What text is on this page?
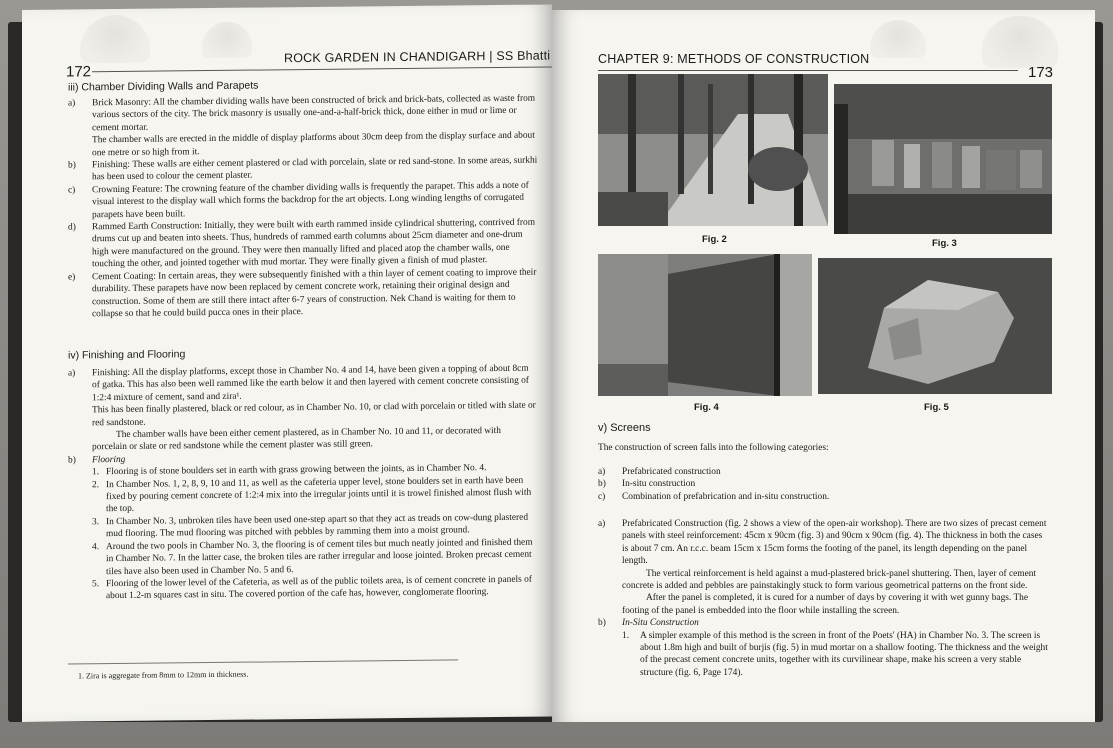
172
ROCK GARDEN IN CHANDIGARH | SS Bhatti
iii) Chamber Dividing Walls and Parapets
a)	Brick Masonry: All the chamber dividing walls have been constructed of brick and brick-bats, collected as waste from various sectors of the city. The brick masonry is usually one-and-a-half-brick thick, done either in mud or lime or cement mortar.

The chamber walls are erected in the middle of display platforms about 30cm deep from the display surface and about one metre or so high from it.

b)	Finishing: These walls are either cement plastered or clad with porcelain, slate or red sand-stone. In some areas, surkhi has been used to colour the cement plaster.
c)	Crowning Feature: The crowning feature of the chamber dividing walls is frequently the parapet. This adds a note of visual interest to the display wall which forms the backdrop for the art objects. Long winding lengths of corrugated parapets have been built.
d)	Rammed Earth Construction: Initially, they were built with earth rammed inside cylindrical shuttering, contrived from drums cut up and beaten into sheets. Thus, hundreds of rammed earth columns about 25cm diameter and one-drum high were manufactured on the ground. They were then manually lifted and placed atop the chamber walls, one touching the other, and jointed together with mud mortar. They were finally given a finish of mud plaster.
e)	Cement Coating: In certain areas, they were subsequently finished with a thin layer of cement coating to improve their durability. These parapets have now been replaced by cement concrete work, retaining their original design and construction. Some of them are still there intact after 6-7 years of construction. Nek Chand is waiting for them to collapse so that he could build pucca ones in their place.
iv) Finishing and Flooring
a)	Finishing: All the display platforms, except those in Chamber No. 4 and 14, have been given a topping of about 8cm of gatka. This has also been well rammed like the earth below it and then layered with cement concrete consisting of 1:2:4 mixture of cement, sand and zira¹.

This has been finally plastered, black or red colour, as in Chamber No. 10, or clad with porcelain or titled with slate or red sandstone.

The chamber walls have been either cement plastered, as in Chamber No. 10 and 11, or decorated with porcelain or slate or red sandstone while the cement plaster was still green.

b)	Flooring
1. Flooring is of stone boulders set in earth with grass growing between the joints, as in Chamber No. 4.
2. In Chamber Nos. 1, 2, 8, 9, 10 and 11, as well as the cafeteria upper level, stone boulders set in earth have been fixed by pouring cement concrete of 1:2:4 mix into the irregular joints until it is trowel finished almost flush with the top.
3. In Chamber No. 3, unbroken tiles have been used one-step apart so that they act as treads on cow-dung plastered mud flooring. The mud flooring was pitched with pebbles by ramming them into a moist ground.
4. Around the two pools in Chamber No. 3, the flooring is of cement tiles but much neatly jointed and finished them in Chamber No. 7. In the latter case, the broken tiles are rather irregular and loose jointed. Broken precast cement tiles have also been used in Chamber No. 5 and 6.
5. Flooring of the lower level of the Cafeteria, as well as of the public toilets area, is of cement concrete in panels of about 1.2-m squares cast in situ. The covered portion of the cafe has, however, conglomerate flooring.
1. Zira is aggregate from 8mm to 12mm in thickness.
CHAPTER 9: METHODS OF CONSTRUCTION
173
Fig. 2	Fig. 3
Fig. 4	Fig. 5
v) Screens
The construction of screen falls into the following categories:
a)	Prefabricated construction
b)	In-situ construction
c)	Combination of prefabrication and in-situ construction.
a)	Prefabricated Construction (fig. 2 shows a view of the open-air workshop). There are two sizes of precast cement panels with steel reinforcement: 45cm x 90cm (fig. 3) and 90cm x 90cm (fig. 4). The thickness in both the cases is about 7 cm. An r.c.c. beam 15cm x 15cm forms the footing of the panel, its length depending on the panel length.

The vertical reinforcement is held against a mud-plastered brick-panel shuttering. Then, layer of cement concrete is added and pebbles are painstakingly stuck to form various geometrical patterns on the front side.

After the panel is completed, it is cured for a number of days by covering it with wet gunny bags. The footing of the panel is embedded into the floor while installing the screen.

b)	In-Situ Construction
1.	A simpler example of this method is the screen in front of the Poets' (HA) in Chamber No. 3. The screen is about 1.8m high and built of burjis (fig. 5) in mud mortar on a shallow footing. The thickness and the weight of the precast cement concrete units, together with its curvilinear shape, make his screen a very stable structure (fig. 6, Page 174).
